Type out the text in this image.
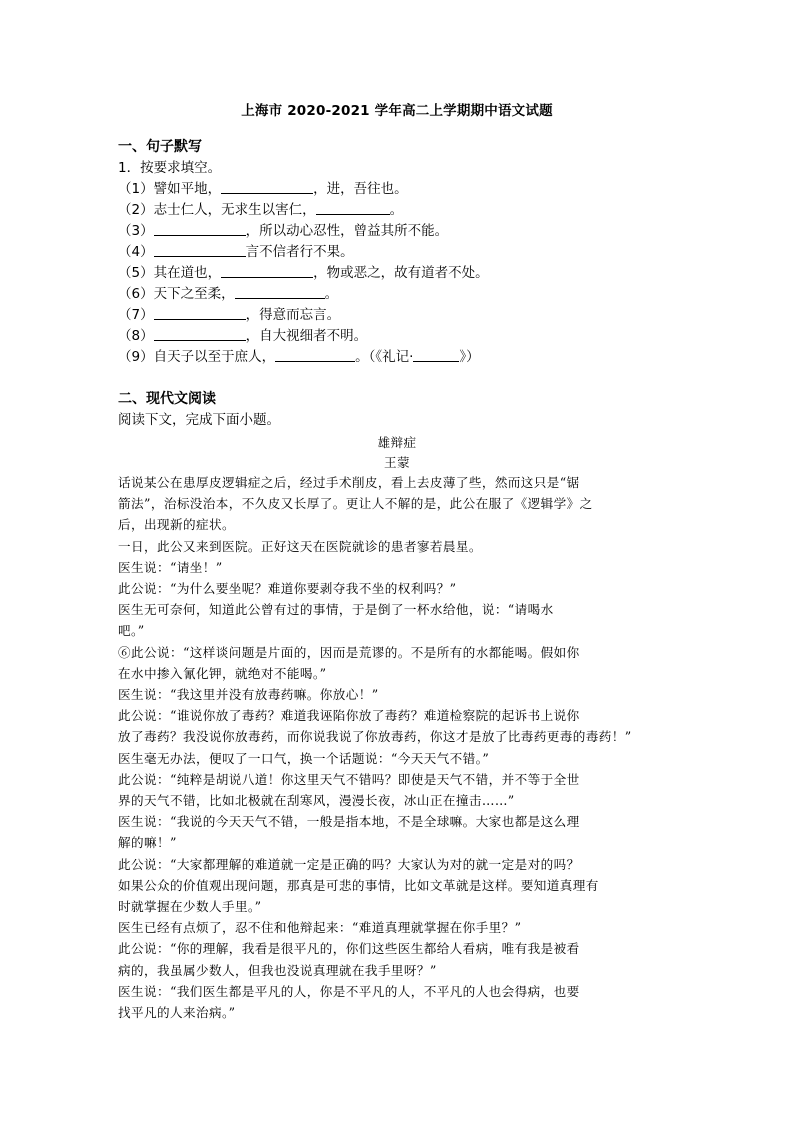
上海市 2020-2021 学年高二上学期期中语文试题
一、句子默写
1．按要求填空。
（1）譬如平地，	，进，吾往也。
（2）志士仁人，无求生以害仁，	。
（3）	，所以动心忍性，曾益其所不能。
（4）	言不信者行不果。
（5）其在道也，	，物或恶之，故有道者不处。
（6）天下之至柔，	。
（7）	，得意而忘言。
（8）	，自大视细者不明。
（9）自天子以至于庶人，	。（《礼记·	》）
二、现代文阅读
阅读下文，完成下面小题。
雄辩症
王蒙
话说某公在患厚皮逻辑症之后，经过手术削皮，看上去皮薄了些，然而这只是“锯
箭法”，治标没治本，不久皮又长厚了。更让人不解的是，此公在服了《逻辑学》之
后，出现新的症状。
一日，此公又来到医院。正好这天在医院就诊的患者寥若晨星。
医生说：“请坐！”
此公说：“为什么要坐呢？难道你要剥夺我不坐的权利吗？”
医生无可奈何，知道此公曾有过的事情，于是倒了一杯水给他，说：“请喝水
吧。”
⑥此公说：“这样谈问题是片面的，因而是荒谬的。不是所有的水都能喝。假如你
在水中掺入氰化钾，就绝对不能喝。”
医生说：“我这里并没有放毒药嘛。你放心！”
此公说：“谁说你放了毒药？难道我诬陷你放了毒药？难道检察院的起诉书上说你
放了毒药？我没说你放毒药，而你说我说了你放毒药，你这才是放了比毒药更毒的毒药！”
医生毫无办法，便叹了一口气，换一个话题说：“今天天气不错。”
此公说：“纯粹是胡说八道！你这里天气不错吗？即使是天气不错，并不等于全世
界的天气不错，比如北极就在刮寒风，漫漫长夜，冰山正在撞击……”
医生说：“我说的今天天气不错，一般是指本地，不是全球嘛。大家也都是这么理
解的嘛！”
此公说：“大家都理解的难道就一定是正确的吗？大家认为对的就一定是对的吗？
如果公众的价值观出现问题，那真是可悲的事情，比如文革就是这样。要知道真理有
时就掌握在少数人手里。”
医生已经有点烦了，忍不住和他辩起来：“难道真理就掌握在你手里？”
此公说：“你的理解，我看是很平凡的，你们这些医生都给人看病，唯有我是被看
病的，我虽属少数人，但我也没说真理就在我手里呀？”
医生说：“我们医生都是平凡的人，你是不平凡的人，不平凡的人也会得病，也要
找平凡的人来治病。”
